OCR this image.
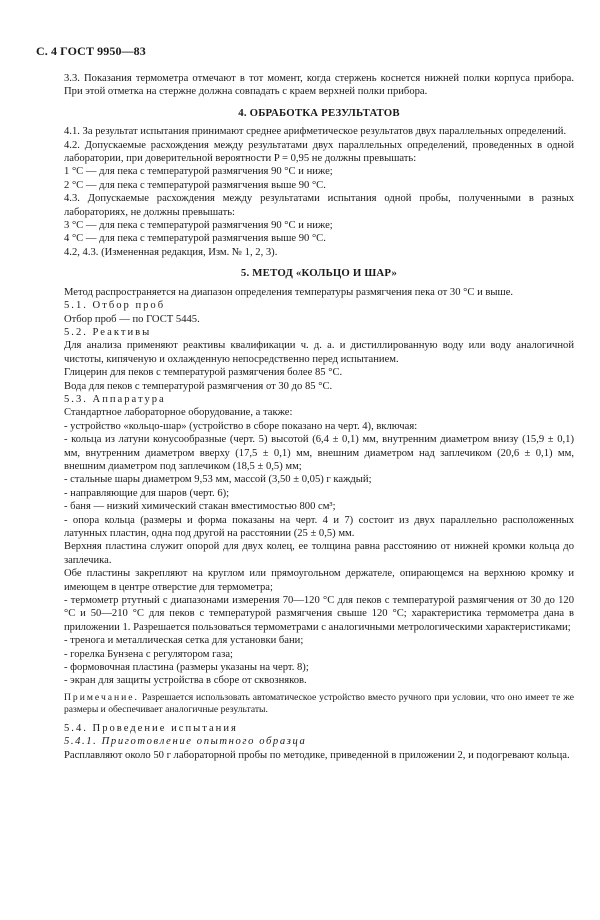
С. 4 ГОСТ 9950—83
3.3. Показания термометра отмечают в тот момент, когда стержень коснется нижней полки корпуса прибора. При этой отметка на стержне должна совпадать с краем верхней полки прибора.
4. ОБРАБОТКА РЕЗУЛЬТАТОВ
4.1. За результат испытания принимают среднее арифметическое результатов двух параллельных определений.
4.2. Допускаемые расхождения между результатами двух параллельных определений, проведенных в одной лаборатории, при доверительной вероятности P = 0,95 не должны превышать:
1 °С — для пека с температурой размягчения 90 °С и ниже;
2 °С — для пека с температурой размягчения выше 90 °С.
4.3. Допускаемые расхождения между результатами испытания одной пробы, полученными в разных лабораториях, не должны превышать:
3 °С — для пека с температурой размягчения 90 °С и ниже;
4 °С — для пека с температурой размягчения выше 90 °С.
4.2, 4.3. (Измененная редакция, Изм. № 1, 2, 3).
5. МЕТОД «КОЛЬЦО И ШАР»
Метод распространяется на диапазон определения температуры размягчения пека от 30 °С и выше.
5.1. Отбор проб
Отбор проб — по ГОСТ 5445.
5.2. Реактивы
Для анализа применяют реактивы квалификации ч. д. а. и дистиллированную воду или воду аналогичной чистоты, кипяченую и охлажденную непосредственно перед испытанием.
Глицерин для пеков с температурой размягчения более 85 °С.
Вода для пеков с температурой размягчения от 30 до 85 °С.
5.3. Аппаратура
Стандартное лабораторное оборудование, а также:
- устройство «кольцо-шар» (устройство в сборе показано на черт. 4), включая:
- кольца из латуни конусообразные (черт. 5) высотой (6,4 ± 0,1) мм, внутренним диаметром внизу (15,9 ± 0,1) мм, внутренним диаметром вверху (17,5 ± 0,1) мм, внешним диаметром над заплечиком (20,6 ± 0,1) мм, внешним диаметром под заплечиком (18,5 ± 0,5) мм;
- стальные шары диаметром 9,53 мм, массой (3,50 ± 0,05) г каждый;
- направляющие для шаров (черт. 6);
- баня — низкий химический стакан вместимостью 800 см³;
- опора кольца (размеры и форма показаны на черт. 4 и 7) состоит из двух параллельно расположенных латунных пластин, одна под другой на расстоянии (25 ± 0,5) мм.
Верхняя пластина служит опорой для двух колец, ее толщина равна расстоянию от нижней кромки кольца до заплечика.
Обе пластины закрепляют на круглом или прямоугольном держателе, опирающемся на верхнюю кромку и имеющем в центре отверстие для термометра;
- термометр ртутный с диапазонами измерения 70—120 °С для пеков с температурой размягчения от 30 до 120 °С и 50—210 °С для пеков с температурой размягчения свыше 120 °С; характеристика термометра дана в приложении 1. Разрешается пользоваться термометрами с аналогичными метрологическими характеристиками;
- треногa и металлическая сетка для установки бани;
- горелка Бунзена с регулятором газа;
- формовочная пластина (размеры указаны на черт. 8);
- экран для защиты устройства в сборе от сквозняков.
Примечание. Разрешается использовать автоматическое устройство вместо ручного при условии, что оно имеет те же размеры и обеспечивает аналогичные результаты.
5.4. Проведение испытания
5.4.1. Приготовление опытного образца
Расплавляют около 50 г лабораторной пробы по методике, приведенной в приложении 2, и подогревают кольца.
